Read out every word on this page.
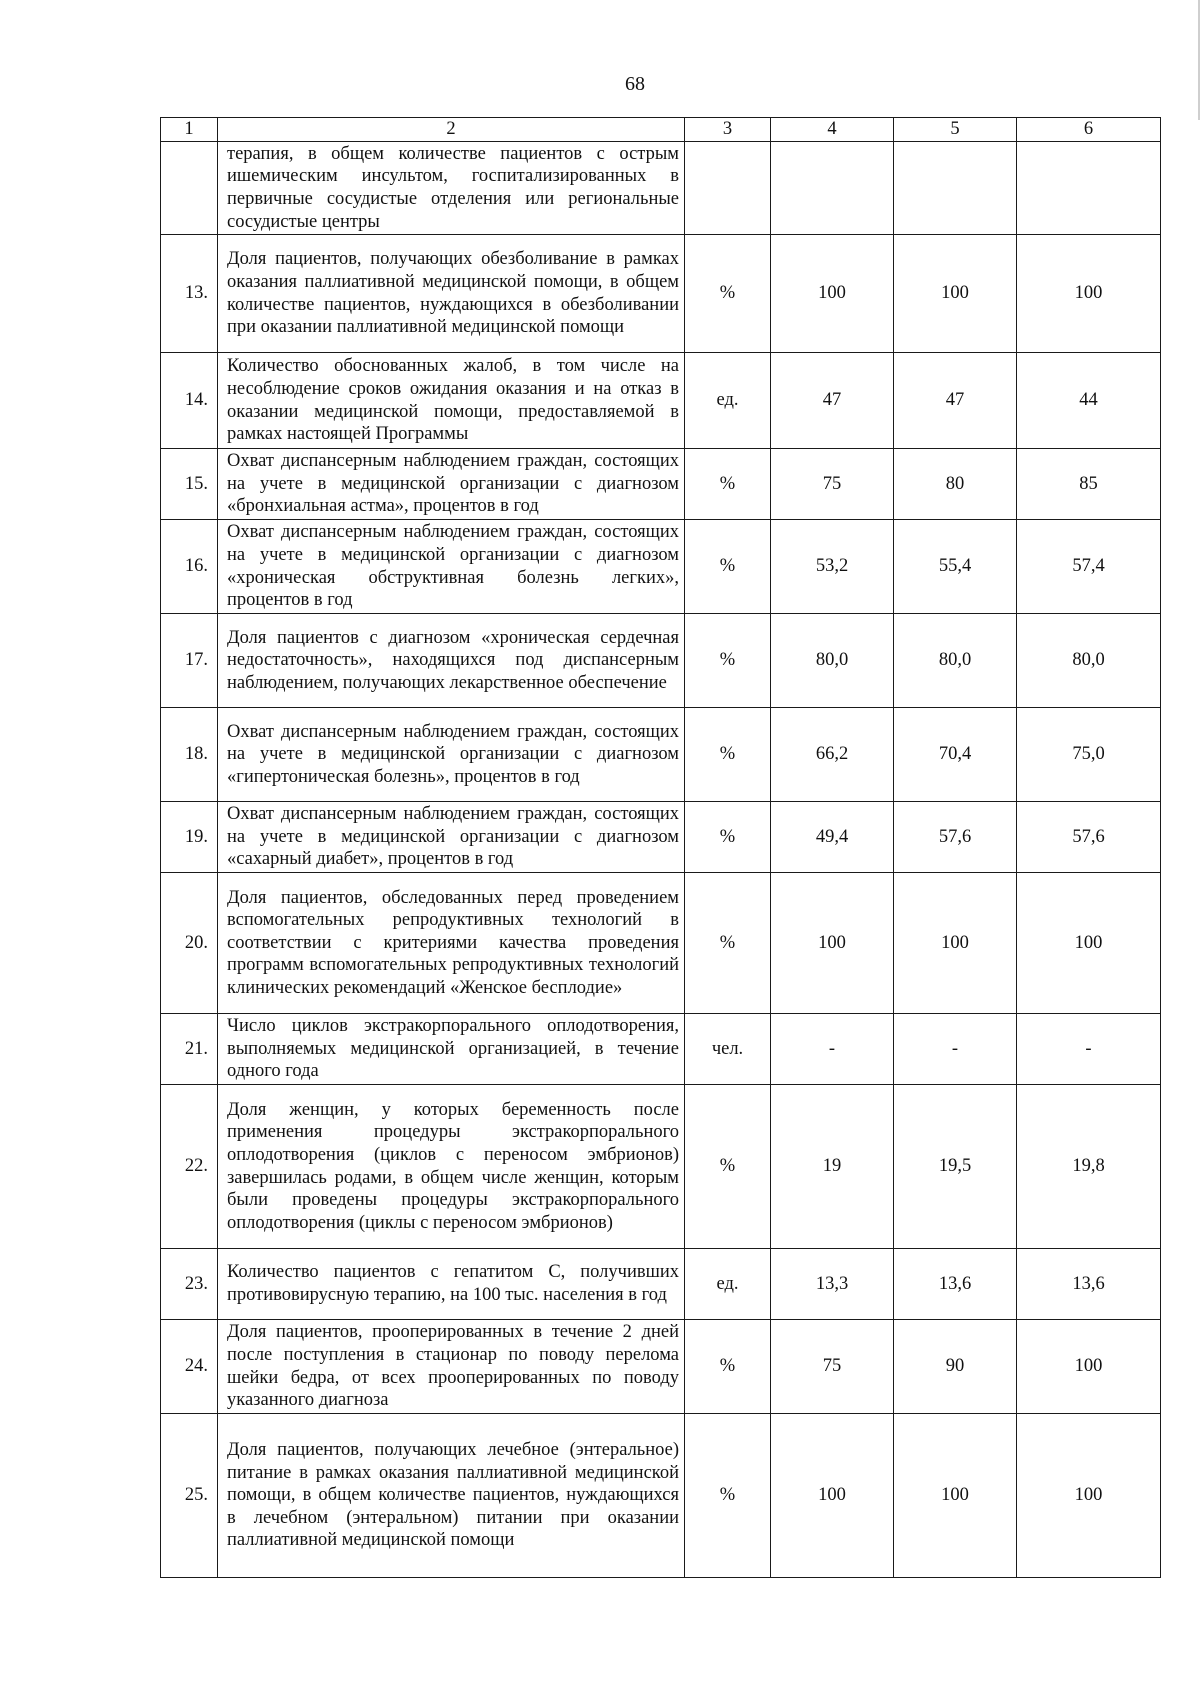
68
1	2	3	4	5	6
	терапия, в общем количестве пациентов с острым ишемическим инсультом, госпитализированных в первичные сосудистые отделения или региональные сосудистые центры				
13.	Доля пациентов, получающих обезболивание в рамках оказания паллиативной медицинской помощи, в общем количестве пациентов, нуждающихся в обезболивании при оказании паллиативной медицинской помощи	%	100	100	100
14.	Количество обоснованных жалоб, в том числе на несоблюдение сроков ожидания оказания и на отказ в оказании медицинской помощи, предоставляемой в рамках настоящей Программы	ед.	47	47	44
15.	Охват диспансерным наблюдением граждан, состоящих на учете в медицинской организации с диагнозом «бронхиальная астма», процентов в год	%	75	80	85
16.	Охват диспансерным наблюдением граждан, состоящих на учете в медицинской организации с диагнозом «хроническая обструктивная болезнь легких», процентов в год	%	53,2	55,4	57,4
17.	Доля пациентов с диагнозом «хроническая сердечная недостаточность», находящихся под диспансерным наблюдением, получающих лекарственное обеспечение	%	80,0	80,0	80,0
18.	Охват диспансерным наблюдением граждан, состоящих на учете в медицинской организации с диагнозом «гипертоническая болезнь», процентов в год	%	66,2	70,4	75,0
19.	Охват диспансерным наблюдением граждан, состоящих на учете в медицинской организации с диагнозом «сахарный диабет», процентов в год	%	49,4	57,6	57,6
20.	Доля пациентов, обследованных перед проведением вспомогательных репродуктивных технологий в соответствии с критериями качества проведения программ вспомогательных репродуктивных технологий клинических рекомендаций «Женское бесплодие»	%	100	100	100
21.	Число циклов экстракорпорального оплодотворения, выполняемых медицинской организацией, в течение одного года	чел.	-	-	-
22.	Доля женщин, у которых беременность после применения процедуры экстракорпорального оплодотворения (циклов с переносом эмбрионов) завершилась родами, в общем числе женщин, которым были проведены процедуры экстракорпорального оплодотворения (циклы с переносом эмбрионов)	%	19	19,5	19,8
23.	Количество пациентов с гепатитом С, получивших противовирусную терапию, на 100 тыс. населения в год	ед.	13,3	13,6	13,6
24.	Доля пациентов, прооперированных в течение 2 дней после поступления в стационар по поводу перелома шейки бедра, от всех прооперированных по поводу указанного диагноза	%	75	90	100
25.	Доля пациентов, получающих лечебное (энтеральное) питание в рамках оказания паллиативной медицинской помощи, в общем количестве пациентов, нуждающихся в лечебном (энтеральном) питании при оказании паллиативной медицинской помощи	%	100	100	100
